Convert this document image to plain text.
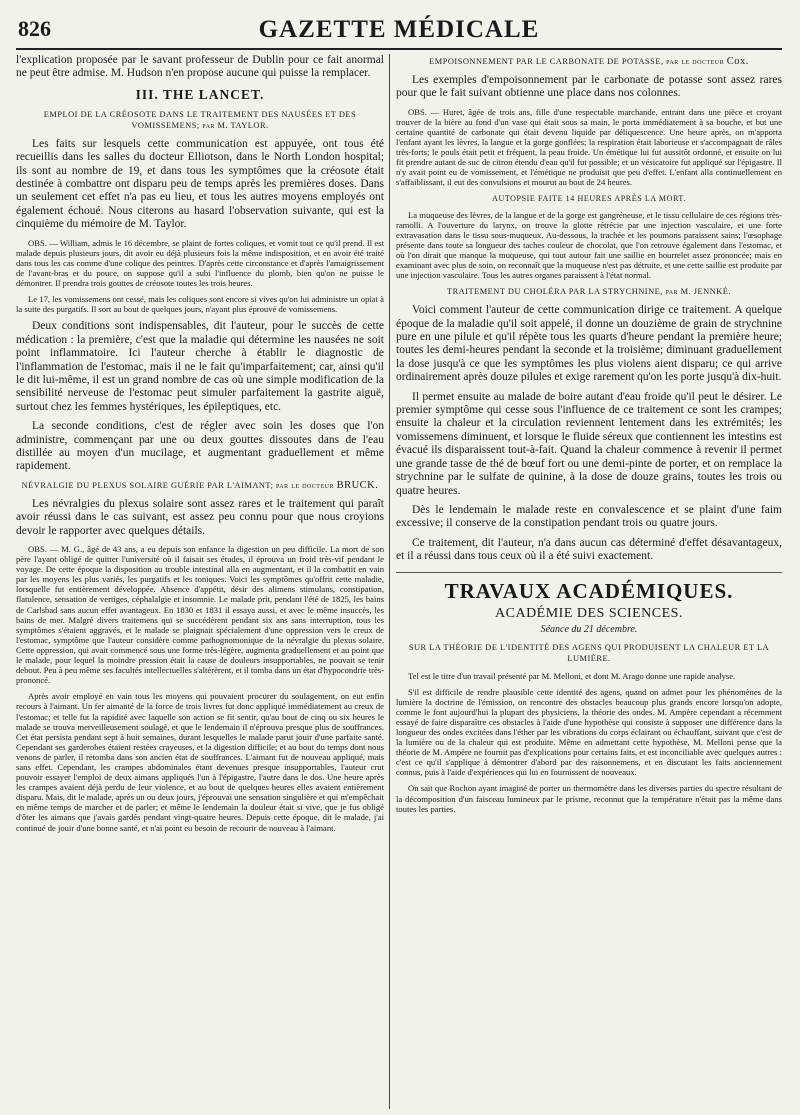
826	GAZETTE MÉDICALE

l'explication proposée par le savant professeur de Dublin pour ce fait anormal ne peut être admise. M. Hudson n'en propose aucune qui puisse la remplacer.

III. THE LANCET.
EMPLOI DE LA CRÉOSOTE DANS LE TRAITEMENT DES NAUSÉES ET DES VOMISSEMENS; par M. TAYLOR.

Les faits sur lesquels cette communication est appuyée, ont tous été recueillis dans les salles du docteur Elliotson, dans le North London hospital; ils sont au nombre de 19, et dans tous les symptômes que la créosote était destinée à combattre ont disparu peu de temps après les premières doses. Dans un seulement cet effet n'a pas eu lieu, et tous les autres moyens employés ont également échoué. Nous citerons au hasard l'observation suivante, qui est la cinquième du mémoire de M. Taylor.

OBS. — William, admis le 16 décembre, se plaint de fortes coliques, et vomit tout ce qu'il prend. Il est malade depuis plusieurs jours, dit avoir eu déjà plusieurs fois la même indisposition, et en avoir été traité dans tous les cas comme d'une colique des peintres. D'après cette circonstance et d'après l'amaigrissement de l'avant-bras et du pouce, on suppose qu'il a subi l'influence du plomb, bien qu'on ne puisse le démontrer. Il prendra trois gouttes de créosote toutes les trois heures.

Le 17, les vomissemens ont cessé, mais les coliques sont encore si vives qu'on lui administre un opiat à la suite des purgatifs. Il sort au bout de quelques jours, n'ayant plus éprouvé de vomissemens.

Deux conditions sont indispensables, dit l'auteur, pour le succès de cette médication : la première, c'est que la maladie qui détermine les nausées ne soit point inflammatoire. Ici l'auteur cherche à établir le diagnostic de l'inflammation de l'estomac, mais il ne le fait qu'imparfaitement; car, ainsi qu'il le dit lui-même, il est un grand nombre de cas où une simple modification de la sensibilité nerveuse de l'estomac peut simuler parfaitement la gastrite aiguë, surtout chez les femmes hystériques, les épileptiques, etc.

La seconde conditions, c'est de régler avec soin les doses que l'on administre, commençant par une ou deux gouttes dissoutes dans de l'eau distillée au moyen d'un mucilage, et augmentant graduellement et même rapidement.

NÉVRALGIE DU PLEXUS SOLAIRE GUÉRIE PAR L'AIMANT; par le docteur BRUCK.

Les névralgies du plexus solaire sont assez rares et le traitement qui paraît avoir réussi dans le cas suivant, est assez peu connu pour que nous croyions devoir le rapporter avec quelques détails.

OBS. — M. G., âgé de 43 ans, a eu depuis son enfance la digestion un peu difficile. La mort de son père l'ayant obligé de quitter l'université où il faisait ses études, il éprouva un froid très-vif pendant le voyage. De cette époque la disposition au trouble intestinal alla en augmentant, et il la combattit en vain par les moyens les plus variés, les purgatifs et les toniques. Voici les symptômes qu'offrit cette maladie, lorsquelle fut entièrement développée. Absence d'appétit, désir des alimens stimulans, constipation, flatulence, sensation de vertiges, céphalalgie et insomnie. Le malade prit, pendant l'été de 1825, les bains de Carlsbad sans aucun effet avantageux. En 1830 et 1831 il essaya aussi, et avec le même insuccès, les bains de mer. Malgré divers traitemens qui se succédèrent pendant six ans sans interruption, tous les symptômes s'étaient aggravés, et le malade se plaignait spécialement d'une oppression vers le creux de l'estomac, symptôme que l'auteur considère comme pathognomonique de la névralgie du plexus solaire. Cette oppression, qui avait commencé sous une forme très-légère, augmenta graduellement et au point que le malade, pour lequel la moindre pression était la cause de douleurs insupportables, ne pouvait se tenir debout. Peu à peu même ses facultés intellectuelles s'altérèrent, et il tomba dans un état d'hypocondrie très-prononcé.

Après avoir employé en vain tous les moyens qui pouvaient procurer du soulagement, on eut enfin recours à l'aimant. Un fer aimanté de la force de trois livres fut donc appliqué immédiatement au creux de l'estomac; et telle fut la rapidité avec laquelle son action se fit sentir, qu'au bout de cinq ou six heures le malade se trouva merveilleusement soulagé, et que le lendemain il n'éprouva presque plus de souffrances. Cet état persista pendant sept à huit semaines, durant lesquelles le malade parut jouir d'une parfaite santé. Cependant ses garderobes étaient restées crayeuses, et la digestion difficile; et au bout du temps dont nous venons de parler, il retomba dans son ancien état de souffrances. L'aimant fut de nouveau appliqué, mais sans effet. Cependant, les crampes abdominales étant devenues presque insupportables, l'auteur crut pouvoir essayer l'emploi de deux aimans appliqués l'un à l'épigastre, l'autre dans le dos. Une heure après les crampes avaient déjà perdu de leur violence, et au bout de quelques heures elles avaient entièrement disparu. Mais, dit le malade, après un ou deux jours, j'éprouvai une sensation singulière et qui m'empêchait en même temps de marcher et de parler; et même le lendemain la douleur était si vive, que je fus obligé d'ôter les aimans que j'avais gardés pendant vingt-quatre heures. Depuis cette époque, dit le malade, j'ai continué de jouir d'une bonne santé, et n'ai point eu besoin de recourir de nouveau à l'aimant.

EMPOISONNEMENT PAR LE CARBONATE DE POTASSE, par le docteur Cox.

Les exemples d'empoisonnement par le carbonate de potasse sont assez rares pour que le fait suivant obtienne une place dans nos colonnes.

OBS. — Huret, âgée de trois ans, fille d'une respectable marchande, entrant dans une pièce et croyant trouver de la bière au fond d'un vase qui était sous sa main, le porta immédiatement à sa bouche, et but une certaine quantité de carbonate qui était devenu liquide par déliquescence. Une heure après, on m'apporta l'enfant ayant les lèvres, la langue et la gorge gonflées; la respiration était laborieuse et s'accompagnait de râles très-forts; le pouls était petit et fréquent, la peau froide. Un émétique lui fut aussitôt ordonné, et ensuite on lui fit prendre autant de suc de citron étendu d'eau qu'il fut possible; et un vésicatoire fut appliqué sur l'épigastre. Il n'y avait point eu de vomissement, et l'émétique ne produisit que peu d'effet. L'enfant alla continuellement en s'affaiblissant, il eut des convulsions et mourut au bout de 24 heures.

AUTOPSIE FAITE 14 HEURES APRÈS LA MORT.

La muqueuse des lèvres, de la langue et de la gorge est gangréneuse, et le tissu cellulaire de ces régions très-ramolli. A l'ouverture du larynx, on trouve la glotte rétrécie par une injection vasculaire, et une forte extravasation dans le tissu sous-muqueux. Au-dessous, la trachée et les poumons paraissent sains; l'œsophage présente dans toute sa longueur des taches couleur de chocolat, que l'on retrouve également dans l'estomac, et où l'on dirait que manque la muqueuse, qui tout autour fait une saillie en bourrelet assez prononcée; mais en examinant avec plus de soin, on reconnaît que la muqueuse n'est pas détruite, et une cette saillie est produite par une injection vasculaire. Tous les autres organes paraissent à l'état normal.

TRAITEMENT DU CHOLÉRA PAR LA STRYCHNINE, par M. JENNKÉ.

Voici comment l'auteur de cette communication dirige ce traitement. A quelque époque de la maladie qu'il soit appelé, il donne un douzième de grain de strychnine pure en une pilule et qu'il répète tous les quarts d'heure pendant la première heure; toutes les demi-heures pendant la seconde et la troisième; diminuant graduellement la dose jusqu'à ce que les symptômes les plus violens aient disparu; ce qui arrive ordinairement après douze pilules et exige rarement qu'on les porte jusqu'à dix-huit.

Il permet ensuite au malade de boire autant d'eau froide qu'il peut le désirer. Le premier symptôme qui cesse sous l'influence de ce traitement ce sont les crampes; ensuite la chaleur et la circulation reviennent lentement dans les extrémités; les vomissemens diminuent, et lorsque le fluide séreux que contiennent les intestins est évacué ils disparaissent tout-à-fait. Quand la chaleur commence à revenir il permet une grande tasse de thé de bœuf fort ou une demi-pinte de porter, et on remplace la strychnine par le sulfate de quinine, à la dose de douze grains, toutes les trois ou quatre heures.

Dès le lendemain le malade reste en convalescence et se plaint d'une faim excessive; il conserve de la constipation pendant trois ou quatre jours.

Ce traitement, dit l'auteur, n'a dans aucun cas déterminé d'effet désavantageux, et il a réussi dans tous ceux où il a été suivi exactement.

TRAVAUX ACADÉMIQUES.
ACADÉMIE DES SCIENCES.
Séance du 21 décembre.
SUR LA THÉORIE DE L'IDENTITÉ DES AGENS QUI PRODUISENT LA CHALEUR ET LA LUMIÈRE.

Tel est le titre d'un travail présenté par M. Melloni, et dont M. Arago donne une rapide analyse.

S'il est difficile de rendre plausible cette identité des agens, quand on admet pour les phénomènes de la lumière la doctrine de l'émission, on rencontre des obstacles beaucoup plus grands encore lorsqu'on adopte, comme le font aujourd'hui la plupart des physiciens, la théorie des ondes. M. Ampère cependant a récemment essayé de faire disparaître ces obstacles à l'aide d'une hypothèse qui consiste à supposer une différence dans la longueur des ondes excitées dans l'éther par les vibrations du corps éclairant ou échauffant, suivant que c'est de la lumière ou de la chaleur qui est produite. Même en admettant cette hypothèse, M. Melloni pense que la théorie de M. Ampère ne fournit pas d'explications pour certains faits, et est inconciliable avec quelques autres : c'est ce qu'il s'applique à démontrer d'abord par des raisonnemens, et en discutant les faits anciennement connus, puis à l'aide d'expériences qui lui en fournissent de nouveaux.

On sait que Rochon ayant imaginé de porter un thermomètre dans les diverses parties du spectre résultant de la décomposition d'un faisceau lumineux par le prisme, reconnut que la température n'était pas la même dans toutes les parties.
